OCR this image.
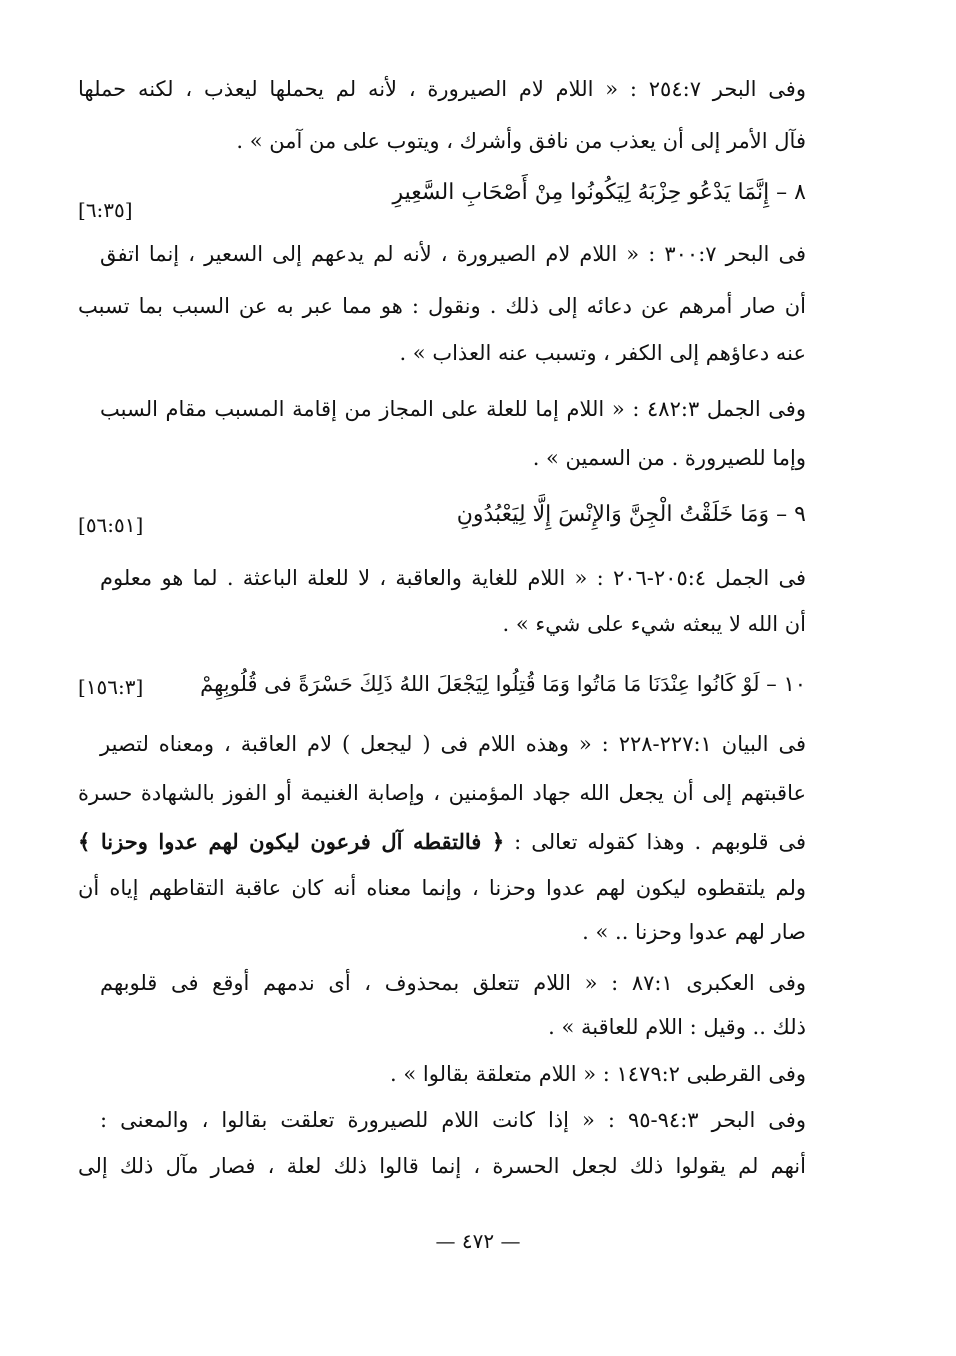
وفى البحر ٢٥٤:٧ : « اللام لام الصيرورة ، لأنه لم يحملها ليعذب ، لكنه حملها
فآل الأمر إلى أن يعذب من نافق وأشرك ، ويتوب على من آمن » .
٨ – إِنَّمَا يَدْعُو حِزْبَهُ لِيَكُونُوا مِنْ أَصْحَابِ السَّعِيرِ
[٦:٣٥]
فى البحر ٣٠٠:٧ : « اللام لام الصيرورة ، لأنه لم يدعهم إلى السعير ، إنما اتفق
أن صار أمرهم عن دعائه إلى ذلك . ونقول : هو مما عبر به عن السبب بما تسبب
عنه دعاؤهم إلى الكفر ، وتسبب عنه العذاب » .
وفى الجمل ٤٨٢:٣ : « اللام إما للعلة على المجاز من إقامة المسبب مقام السبب
وإما للصيرورة . من السمين » .
٩ – وَمَا خَلَقْتُ الْجِنَّ وَالإِنْسَ إِلَّا لِيَعْبُدُونِ
[٥٦:٥١]
فى الجمل ٢٠٥:٤-٢٠٦ : « اللام للغاية والعاقبة ، لا للعلة الباعثة . لما هو معلوم
أن الله لا يبعثه شيء على شيء » .
١٠ – لَوْ كَانُوا عِنْدَنَا مَا مَاتُوا وَمَا قُتِلُوا لِيَجْعَلَ اللهُ ذَلِكَ حَسْرَةً فى قُلُوبِهِمْ
[١٥٦:٣]
فى البيان ٢٢٧:١-٢٢٨ : « وهذه اللام فى ( ليجعل ) لام العاقبة ، ومعناه لتصير
عاقبتهم إلى أن يجعل الله جهاد المؤمنين ، وإصابة الغنيمة أو الفوز بالشهادة حسرة
فى قلوبهم . وهذا كقوله تعالى : ﴿ فالتقطه آل فرعون ليكون لهم عدوا وحزنا ﴾
ولم يلتقطوه ليكون لهم عدوا وحزنا ، وإنما معناه أنه كان عاقبة التقاطهم إياه أن
صار لهم عدوا وحزنا .. » .
وفى العكبرى ٨٧:١ : « اللام تتعلق بمحذوف ، أى ندمهم أوقع فى قلوبهم
ذلك .. وقيل : اللام للعاقبة » .
وفى القرطبى ١٤٧٩:٢ : « اللام متعلقة بقالوا » .
وفى البحر ٩٤:٣-٩٥ : « إذا كانت اللام للصيرورة تعلقت بقالوا ، والمعنى :
أنهم لم يقولوا ذلك لجعل الحسرة ، إنما قالوا ذلك لعلة ، فصار مآل ذلك إلى
— ٤٧٢ —
